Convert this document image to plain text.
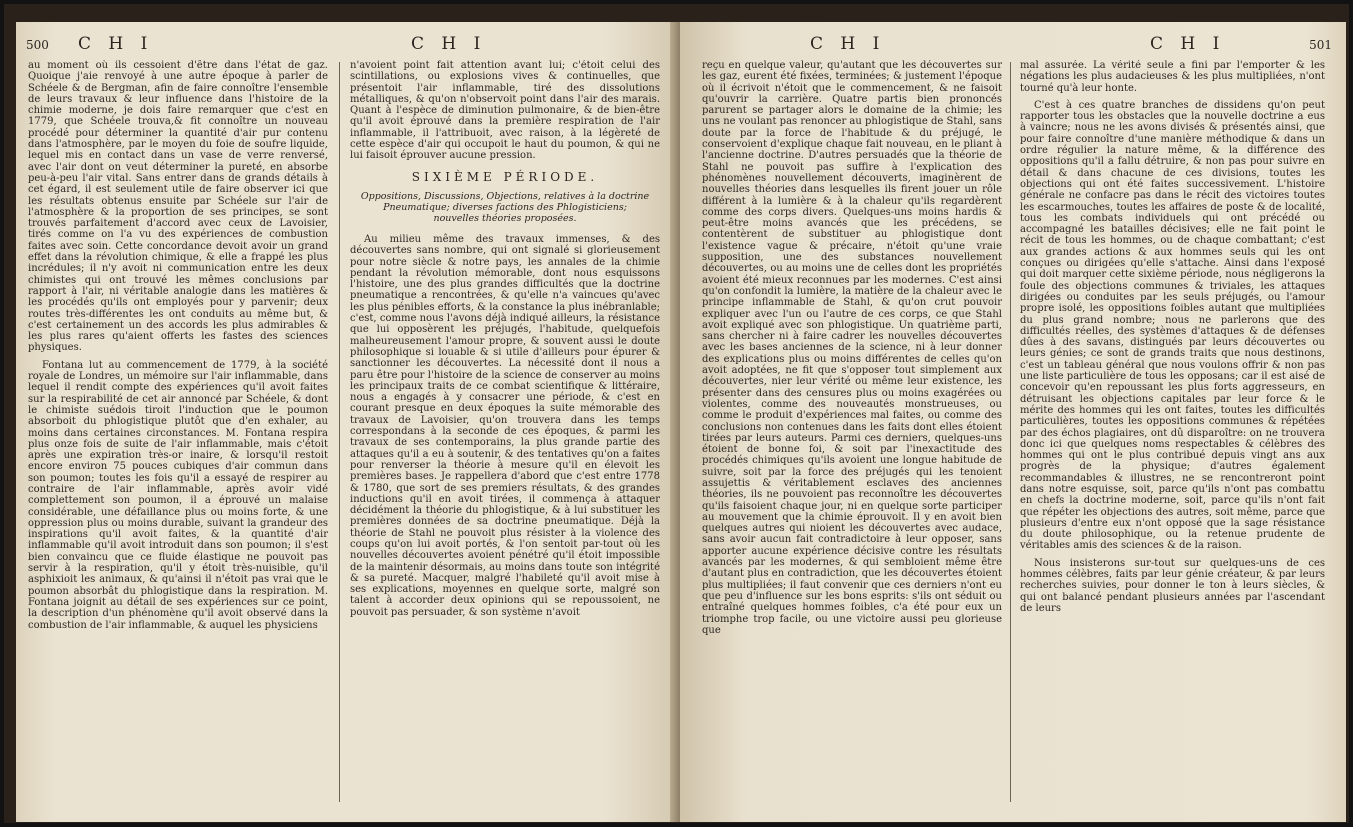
500 C H I	C H I

au moment où ils cessoient d'être dans l'état de gaz. Quoique j'aie renvoyé à une autre époque à parler de Schéele & de Bergman, afin de faire connoître l'ensemble de leurs travaux & leur influence dans l'histoire de la chimie moderne, je dois faire remarquer que c'est en 1779, que Schéele trouva,& fit connoître un nouveau procédé pour déterminer la quantité d'air pur contenu dans l'atmosphère, par le moyen du foie de soufre liquide, lequel mis en contact dans un vase de verre renversé, avec l'air dont on veut déterminer la pureté, en absorbe peu-à-peu l'air vital. Sans entrer dans de grands détails à cet égard, il est seulement utile de faire observer ici que les résultats obtenus ensuite par Schéele sur l'air de l'atmosphère & la proportion de ses principes, se sont trouvés parfaitement d'accord avec ceux de Lavoisier, tirés comme on l'a vu des expériences de combustion faites avec soin. Cette concordance devoit avoir un grand effet dans la révolution chimique, & elle a frappé les plus incrédules; il n'y avoit ni communication entre les deux chimistes qui ont trouvé les mêmes conclusions par rapport à l'air, ni véritable analogie dans les matières & les procédés qu'ils ont employés pour y parvenir; deux routes très-différentes les ont conduits au même but, & c'est certainement un des accords les plus admirables & les plus rares qu'aient offerts les fastes des sciences physiques.

Fontana lut au commencement de 1779, à la société royale de Londres, un mémoire sur l'air inflammable, dans lequel il rendit compte des expériences qu'il avoit faites sur la respirabilité de cet air annoncé par Schéele, & dont le chimiste suédois tiroit l'induction que le poumon absorboit du phlogistique plutôt que d'en exhaler, au moins dans certaines circonstances. M. Fontana respira plus onze fois de suite de l'air inflammable, mais c'étoit après une expiration très-or inaire, & lorsqu'il restoit encore environ 75 pouces cubiques d'air commun dans son poumon; toutes les fois qu'il a essayé de respirer au contraire de l'air inflammable, après avoir vidé complettement son poumon, il a éprouvé un malaise considérable, une défaillance plus ou moins forte, & une oppression plus ou moins durable, suivant la grandeur des inspirations qu'il avoit faites, & la quantité d'air inflammable qu'il avoit introduit dans son poumon; il s'est bien convaincu que ce fluide élastique ne pouvoit pas servir à la respiration, qu'il y étoit très-nuisible, qu'il asphixioit les animaux, & qu'ainsi il n'étoit pas vrai que le poumon absorbât du phlogistique dans la respiration. M. Fontana joignit au détail de ses expériences sur ce point, la description d'un phénomène qu'il avoit observé dans la combustion de l'air inflammable, & auquel les physiciens

n'avoient point fait attention avant lui; c'étoit celui des scintillations, ou explosions vives & continuelles, que présentoit l'air inflammable, tiré des dissolutions métalliques, & qu'on n'observoit point dans l'air des marais. Quant à l'espèce de diminution pulmonaire, & de bien-être qu'il avoit éprouvé dans la première respiration de l'air inflammable, il l'attribuoit, avec raison, à la légèreté de cette espèce d'air qui occupoit le haut du poumon, & qui ne lui faisoit éprouver aucune pression.

SIXIÈME PÉRIODE.
Oppositions, Discussions, Objections, relatives à la doctrine Pneumatique; diverses factions des Phlogisticiens; nouvelles théories proposées.

Au milieu même des travaux immenses, & des découvertes sans nombre, qui ont signalé si glorieusement pour notre siècle & notre pays, les annales de la chimie pendant la révolution mémorable, dont nous esquissons l'histoire, une des plus grandes difficultés que la doctrine pneumatique a rencontrées, & qu'elle n'a vaincues qu'avec les plus pénibles efforts, & la constance la plus inébranlable; c'est, comme nous l'avons déjà indiqué ailleurs, la résistance que lui opposèrent les préjugés, l'habitude, quelquefois malheureusement l'amour propre, & souvent aussi le doute philosophique si louable & si utile d'ailleurs pour épurer & sanctionner les découvertes. La nécessité dont il nous a paru être pour l'histoire de la science de conserver au moins les principaux traits de ce combat scientifique & littéraire, nous a engagés à y consacrer une période, & c'est en courant presque en deux époques la suite mémorable des travaux de Lavoisier, qu'on trouvera dans les temps correspondans à la seconde de ces époques, & parmi les travaux de ses contemporains, la plus grande partie des attaques qu'il a eu à soutenir, & des tentatives qu'on a faites pour renverser la théorie à mesure qu'il en élevoit les premières bases. Je rappellera d'abord que c'est entre 1778 & 1780, que sort de ses premiers résultats, & des grandes inductions qu'il en avoit tirées, il commença à attaquer décidément la théorie du phlogistique, & à lui substituer les premières données de sa doctrine pneumatique. Déjà la théorie de Stahl ne pouvoit plus résister à la violence des coups qu'on lui avoit portés, & l'on sentoit par-tout où les nouvelles découvertes avoient pénétré qu'il étoit impossible de la maintenir désormais, au moins dans toute son intégrité & sa pureté. Macquer, malgré l'habileté qu'il avoit mise à ses explications, moyennes en quelque sorte, malgré son talent à accorder deux opinions qui se repoussoient, ne pouvoit pas persuader, & son système n'avoit

C H I	C H I	501

reçu en quelque valeur, qu'autant que les découvertes sur les gaz, eurent été fixées, terminées; & justement l'époque où il écrivoit n'étoit que le commencement, & ne faisoit qu'ouvrir la carrière. Quatre partis bien prononcés parurent se partager alors le domaine de la chimie; les uns ne voulant pas renoncer au phlogistique de Stahl, sans doute par la force de l'habitude & du préjugé, le conservoient d'explique chaque fait nouveau, en le pliant à l'ancienne doctrine. D'autres persuadés que la théorie de Stahl ne pouvoit pas suffire à l'explication des phénomènes nouvellement découverts, imaginèrent de nouvelles théories dans lesquelles ils firent jouer un rôle différent à la lumière & à la chaleur qu'ils regardèrent comme des corps divers. Quelques-uns moins hardis & peut-être moins avancés que les précédens, se contentèrent de substituer au phlogistique dont l'existence vague & précaire, n'étoit qu'une vraie supposition, une des substances nouvellement découvertes, ou au moins une de celles dont les propriétés avoient été mieux reconnues par les modernes. C'est ainsi qu'on confondit la lumière, la matière de la chaleur avec le principe inflammable de Stahl, & qu'on crut pouvoir expliquer avec l'un ou l'autre de ces corps, ce que Stahl avoit expliqué avec son phlogistique. Un quatrième parti, sans chercher ni à faire cadrer les nouvelles découvertes avec les bases anciennes de la science, ni à leur donner des explications plus ou moins différentes de celles qu'on avoit adoptées, ne fit que s'opposer tout simplement aux découvertes, nier leur vérité ou même leur existence, les présenter dans des censures plus ou moins exagérées ou violentes, comme des nouveautés monstrueuses, ou comme le produit d'expériences mal faites, ou comme des conclusions non contenues dans les faits dont elles étoient tirées par leurs auteurs. Parmi ces derniers, quelques-uns étoient de bonne foi, & soit par l'inexactitude des procédés chimiques qu'ils avoient une longue habitude de suivre, soit par la force des préjugés qui les tenoient assujettis & véritablement esclaves des anciennes théories, ils ne pouvoient pas reconnoître les découvertes qu'ils faisoient chaque jour, ni en quelque sorte participer au mouvement que la chimie éprouvoit. Il y en avoit bien quelques autres qui nioient les découvertes avec audace, sans avoir aucun fait contradictoire à leur opposer, sans apporter aucune expérience décisive contre les résultats avancés par les modernes, & qui sembloient même être d'autant plus en contradiction, que les découvertes étoient plus multipliées; il faut convenir que ces derniers n'ont eu que peu d'influence sur les bons esprits: s'ils ont séduit ou entraîné quelques hommes foibles, c'a été pour eux un triomphe trop facile, ou une victoire aussi peu glorieuse que

mal assurée. La vérité seule a fini par l'emporter & les négations les plus audacieuses & les plus multipliées, n'ont tourné qu'à leur honte.

C'est à ces quatre branches de dissidens qu'on peut rapporter tous les obstacles que la nouvelle doctrine a eus à vaincre; nous ne les avons divisés & présentés ainsi, que pour faire connoître d'une manière méthodique & dans un ordre régulier la nature même, & la différence des oppositions qu'il a fallu détruire, & non pas pour suivre en détail & dans chacune de ces divisions, toutes les objections qui ont été faites successivement. L'histoire générale ne confacre pas dans le récit des victoires toutes les escarmouches, toutes les affaires de poste & de localité, tous les combats individuels qui ont précédé ou accompagné les batailles décisives; elle ne fait point le récit de tous les hommes, ou de chaque combattant; c'est aux grandes actions & aux hommes seuls qui les ont conçues ou dirigées qu'elle s'attache. Ainsi dans l'exposé qui doit marquer cette sixième période, nous négligerons la foule des objections communes & triviales, les attaques dirigées ou conduites par les seuls préjugés, ou l'amour propre isolé, les oppositions foibles autant que multipliées du plus grand nombre; nous ne parlerons que des difficultés réelles, des systèmes d'attaques & de défenses dûes à des savans, distingués par leurs découvertes ou leurs génies; ce sont de grands traits que nous destinons, c'est un tableau général que nous voulons offrir & non pas une liste particulière de tous les opposans; car il est aisé de concevoir qu'en repoussant les plus forts aggresseurs, en détruisant les objections capitales par leur force & le mérite des hommes qui les ont faites, toutes les difficultés particulières, toutes les oppositions communes & répétées par des échos plagiaires, ont dû disparoître: on ne trouvera donc ici que quelques noms respectables & célèbres des hommes qui ont le plus contribué depuis vingt ans aux progrès de la physique; d'autres également recommandables & illustres, ne se rencontreront point dans notre esquisse, soit, parce qu'ils n'ont pas combattu en chefs la doctrine moderne, soit, parce qu'ils n'ont fait que répéter les objections des autres, soit même, parce que plusieurs d'entre eux n'ont opposé que la sage résistance du doute philosophique, ou la retenue prudente de véritables amis des sciences & de la raison.

Nous insisterons sur-tout sur quelques-uns de ces hommes célèbres, faits par leur génie créateur, & par leurs recherches suivies, pour donner le ton à leurs siècles, & qui ont balancé pendant plusieurs années par l'ascendant de leurs
